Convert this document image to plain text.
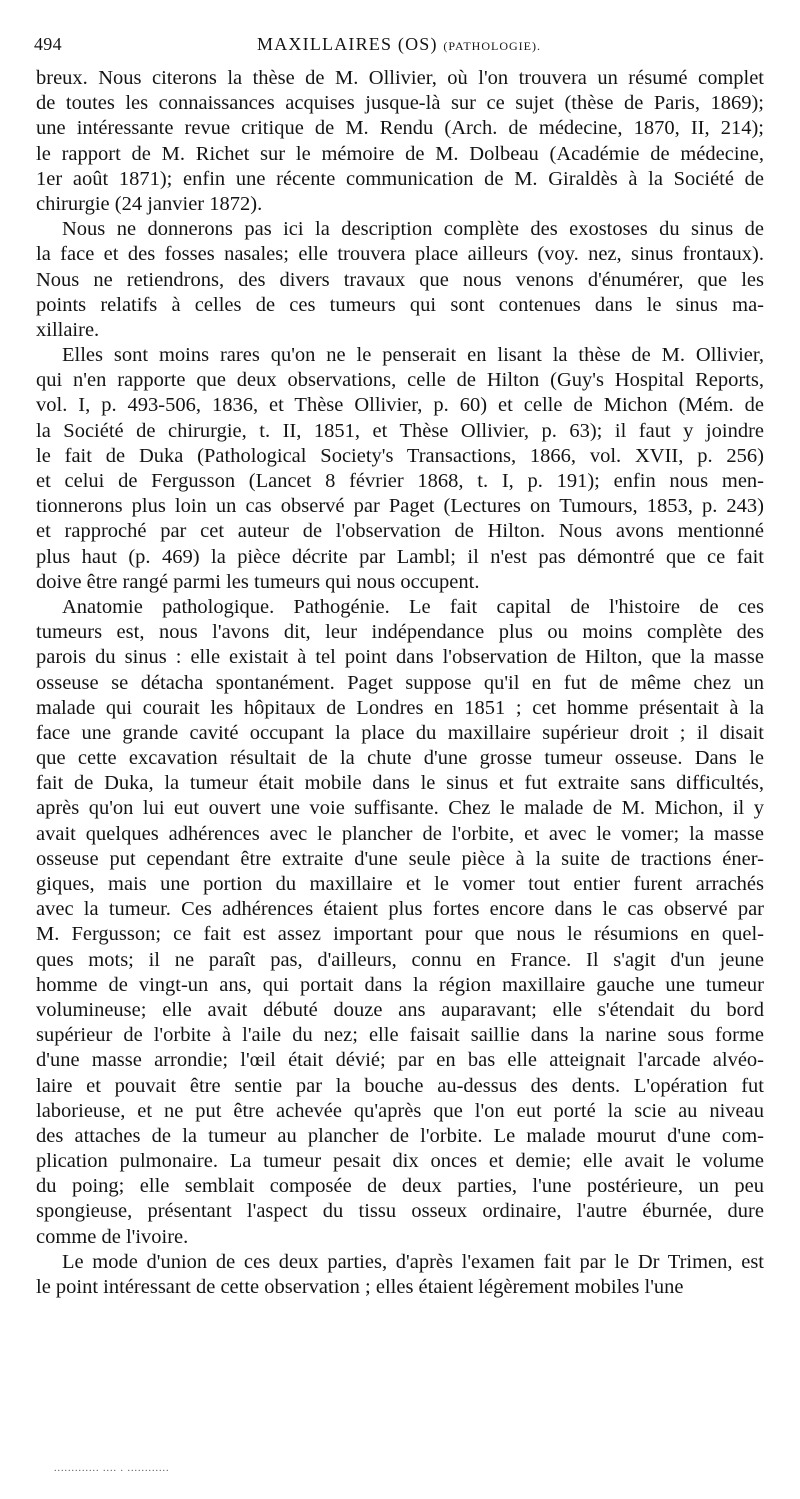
494	MAXILLAIRES (OS) (PATHOLOGIE).
breux. Nous citerons la thèse de M. Ollivier, où l'on trouvera un résumé complet
de toutes les connaissances acquises jusque-là sur ce sujet (thèse de Paris, 1869);
une intéressante revue critique de M. Rendu (Arch. de médecine, 1870, II, 214);
le rapport de M. Richet sur le mémoire de M. Dolbeau (Académie de médecine,
1er août 1871); enfin une récente communication de M. Giraldès à la Société de
chirurgie (24 janvier 1872).
Nous ne donnerons pas ici la description complète des exostoses du sinus de
la face et des fosses nasales; elle trouvera place ailleurs (voy. nez, sinus frontaux).
Nous ne retiendrons, des divers travaux que nous venons d'énumérer, que les
points relatifs à celles de ces tumeurs qui sont contenues dans le sinus ma-
xillaire.
Elles sont moins rares qu'on ne le penserait en lisant la thèse de M. Ollivier,
qui n'en rapporte que deux observations, celle de Hilton (Guy's Hospital Reports,
vol. I, p. 493-506, 1836, et Thèse Ollivier, p. 60) et celle de Michon (Mém. de
la Société de chirurgie, t. II, 1851, et Thèse Ollivier, p. 63); il faut y joindre
le fait de Duka (Pathological Society's Transactions, 1866, vol. XVII, p. 256)
et celui de Fergusson (Lancet 8 février 1868, t. I, p. 191); enfin nous men-
tionnerons plus loin un cas observé par Paget (Lectures on Tumours, 1853, p. 243)
et rapproché par cet auteur de l'observation de Hilton. Nous avons mentionné
plus haut (p. 469) la pièce décrite par Lambl; il n'est pas démontré que ce fait
doive être rangé parmi les tumeurs qui nous occupent.
Anatomie pathologique. Pathogénie. Le fait capital de l'histoire de ces
tumeurs est, nous l'avons dit, leur indépendance plus ou moins complète des
parois du sinus : elle existait à tel point dans l'observation de Hilton, que la masse
osseuse se détacha spontanément. Paget suppose qu'il en fut de même chez un
malade qui courait les hôpitaux de Londres en 1851 ; cet homme présentait à la
face une grande cavité occupant la place du maxillaire supérieur droit ; il disait
que cette excavation résultait de la chute d'une grosse tumeur osseuse. Dans le
fait de Duka, la tumeur était mobile dans le sinus et fut extraite sans difficultés,
après qu'on lui eut ouvert une voie suffisante. Chez le malade de M. Michon, il y
avait quelques adhérences avec le plancher de l'orbite, et avec le vomer; la masse
osseuse put cependant être extraite d'une seule pièce à la suite de tractions éner-
giques, mais une portion du maxillaire et le vomer tout entier furent arrachés
avec la tumeur. Ces adhérences étaient plus fortes encore dans le cas observé par
M. Fergusson; ce fait est assez important pour que nous le résumions en quel-
ques mots; il ne paraît pas, d'ailleurs, connu en France. Il s'agit d'un jeune
homme de vingt-un ans, qui portait dans la région maxillaire gauche une tumeur
volumineuse; elle avait débuté douze ans auparavant; elle s'étendait du bord
supérieur de l'orbite à l'aile du nez; elle faisait saillie dans la narine sous forme
d'une masse arrondie; l'œil était dévié; par en bas elle atteignait l'arcade alvéo-
laire et pouvait être sentie par la bouche au-dessus des dents. L'opération fut
laborieuse, et ne put être achevée qu'après que l'on eut porté la scie au niveau
des attaches de la tumeur au plancher de l'orbite. Le malade mourut d'une com-
plication pulmonaire. La tumeur pesait dix onces et demie; elle avait le volume
du poing; elle semblait composée de deux parties, l'une postérieure, un peu
spongieuse, présentant l'aspect du tissu osseux ordinaire, l'autre éburnée, dure
comme de l'ivoire.
Le mode d'union de ces deux parties, d'après l'examen fait par le Dr Trimen, est
le point intéressant de cette observation ; elles étaient légèrement mobiles l'une
............. .... . ............
